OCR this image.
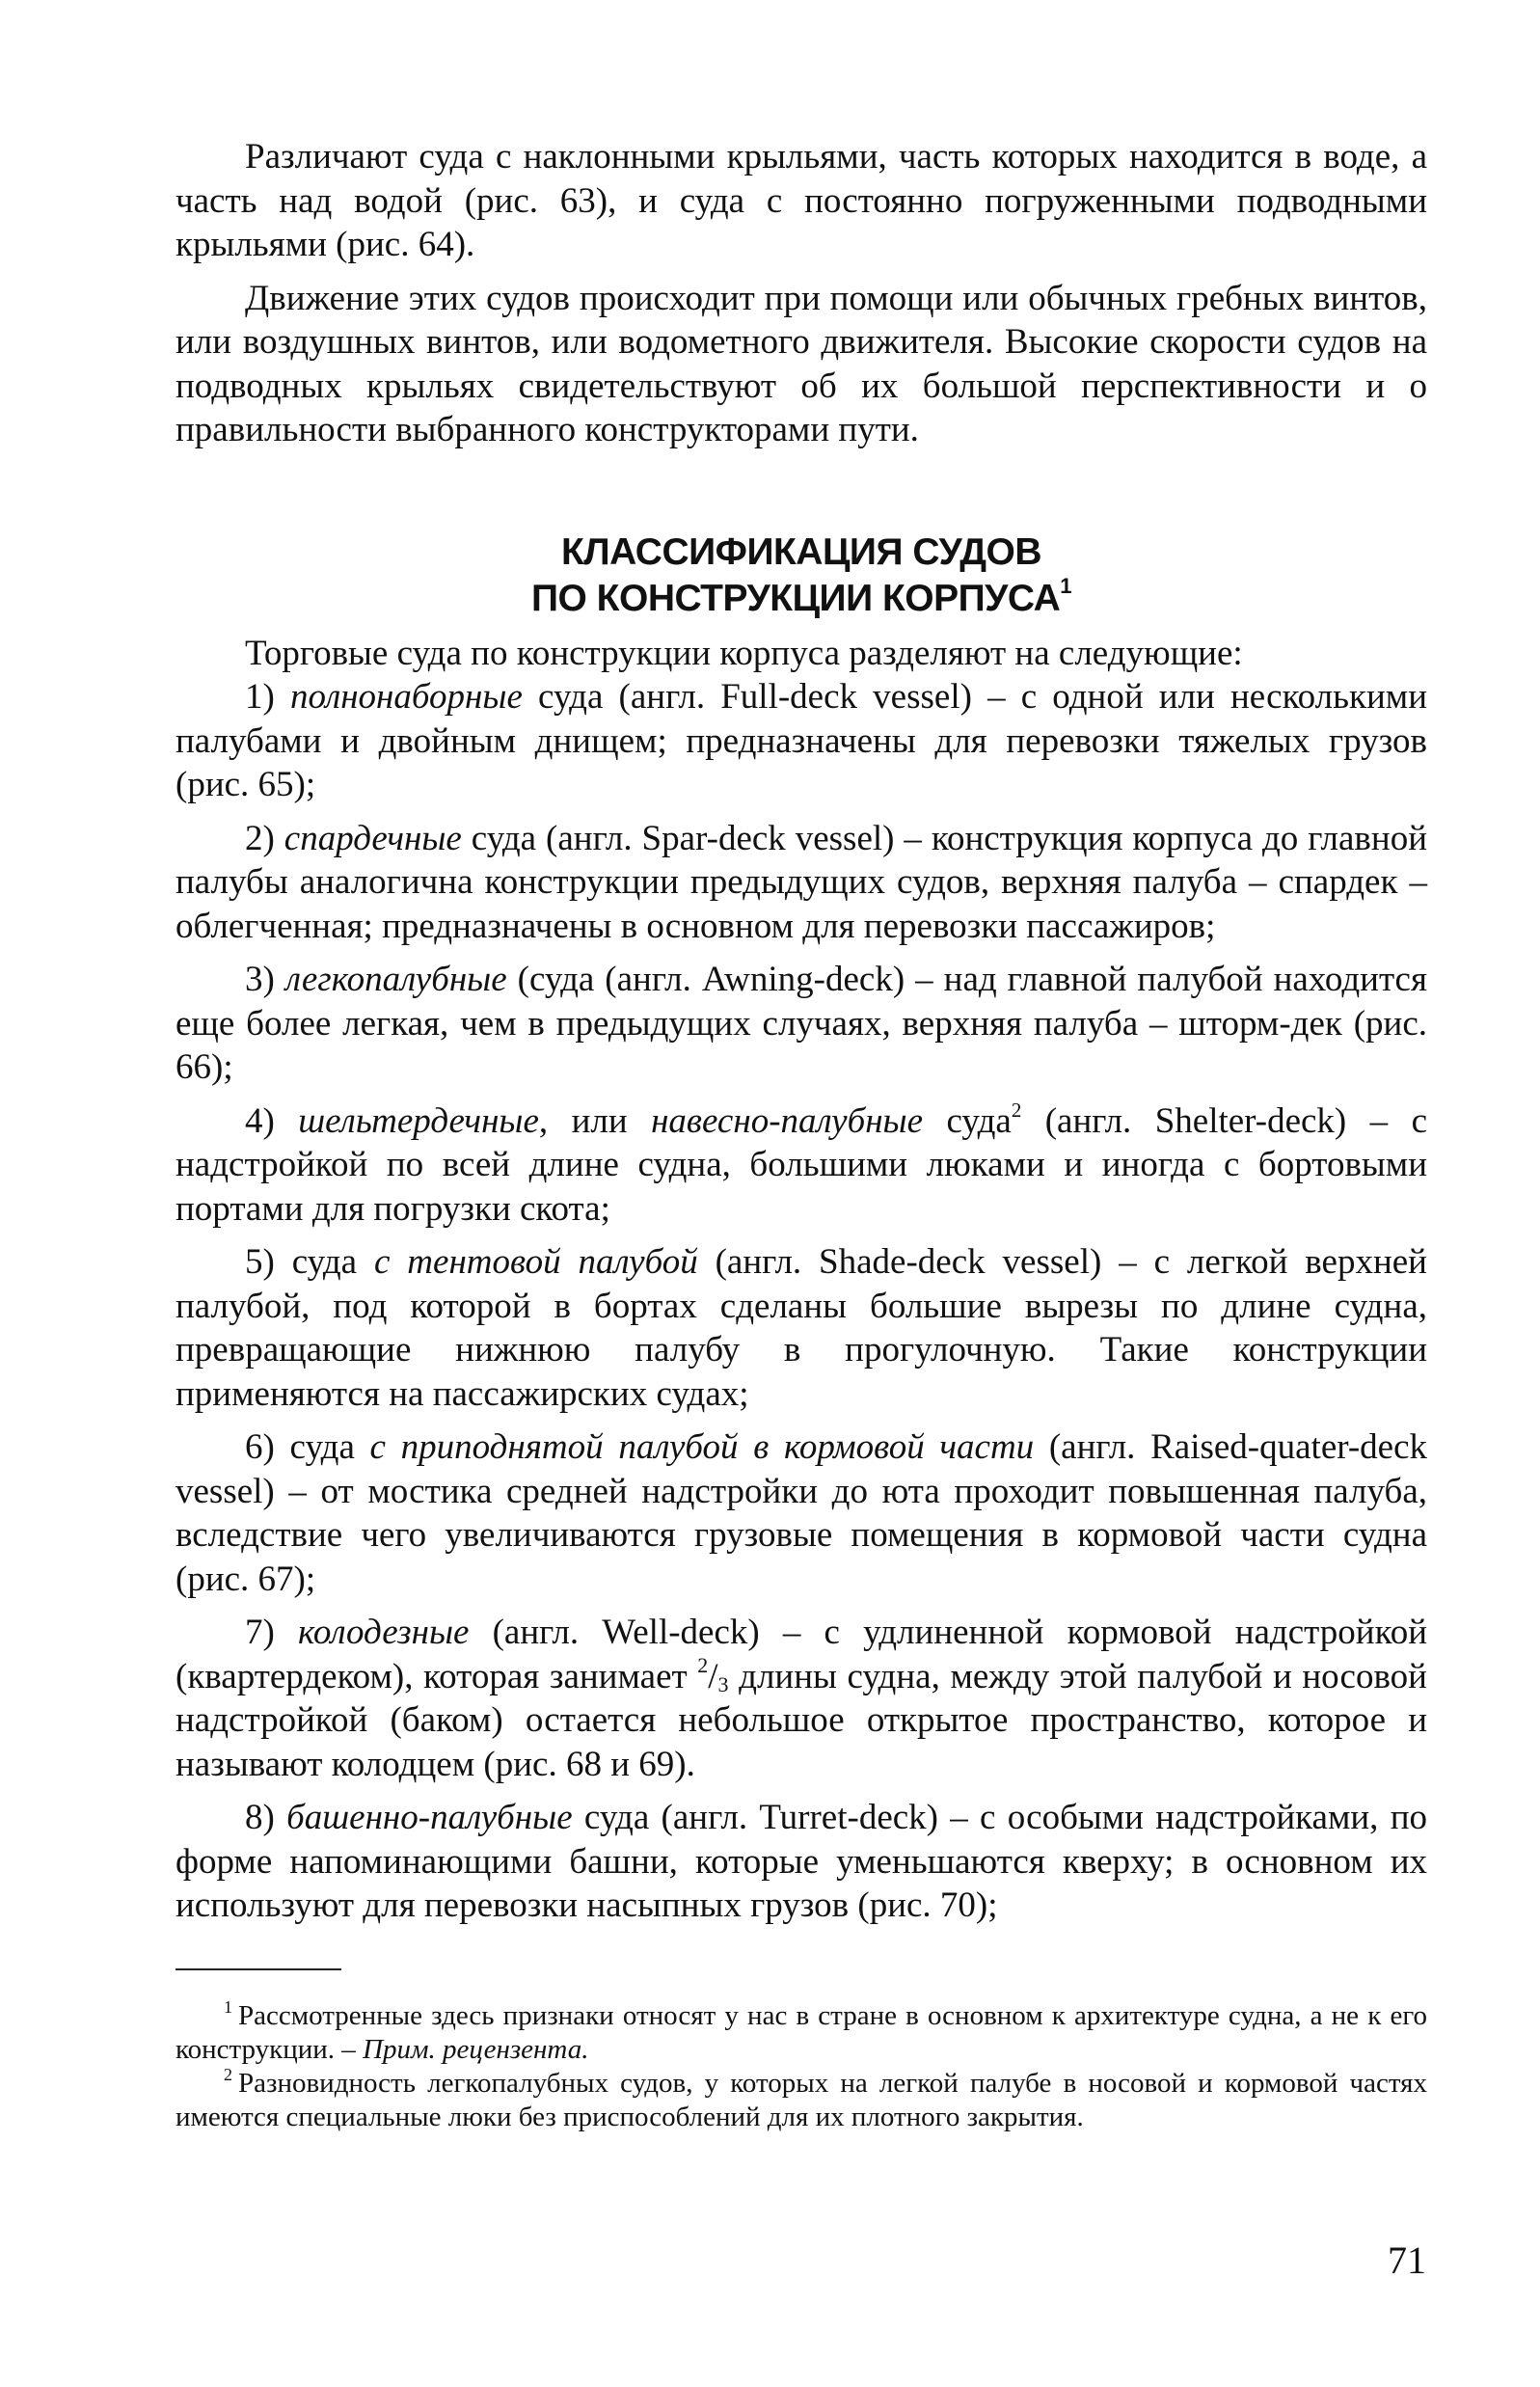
Различают суда с наклонными крыльями, часть которых находится в воде, а часть над водой (рис. 63), и суда с постоянно погруженными подводными крыльями (рис. 64).

Движение этих судов происходит при помощи или обычных гребных винтов, или воздушных винтов, или водометного движителя. Высокие скорости судов на подводных крыльях свидетельствуют об их большой перспективности и о правильности выбранного конструкторами пути.

КЛАССИФИКАЦИЯ СУДОВ
ПО КОНСТРУКЦИИ КОРПУСА$^1$

Торговые суда по конструкции корпуса разделяют на следующие:

1) полнонаборные суда (англ. Full-deck vessel) – с одной или несколькими палубами и двойным днищем; предназначены для перевозки тяжелых грузов (рис. 65);

2) спардечные суда (англ. Spar-deck vessel) – конструкция корпуса до главной палубы аналогична конструкции предыдущих судов, верхняя палуба – спардек – облегченная; предназначены в основном для перевозки пассажиров;

3) легкопалубные (суда (англ. Awning-deck) – над главной палубой находится еще более легкая, чем в предыдущих случаях, верхняя палуба – шторм-дек (рис. 66);

4) шельтердечные, или навесно-палубные суда$^2$ (англ. Shelter-deck) – с надстройкой по всей длине судна, большими люками и иногда с бортовыми портами для погрузки скота;

5) суда с тентовой палубой (англ. Shade-deck vessel) – с легкой верхней палубой, под которой в бортах сделаны большие вырезы по длине судна, превращающие нижнюю палубу в прогулочную. Такие конструкции применяются на пассажирских судах;

6) суда с приподнятой палубой в кормовой части (англ. Raised-quater-deck vessel) – от мостика средней надстройки до юта проходит повышенная палуба, вследствие чего увеличиваются грузовые помещения в кормовой части судна (рис. 67);

7) колодезные (англ. Well-deck) – с удлиненной кормовой надстройкой (квартердеком), которая занимает $^2/_3$ длины судна, между этой палубой и носовой надстройкой (баком) остается небольшое открытое пространство, которое и называют колодцем (рис. 68 и 69).

8) башенно-палубные суда (англ. Turret-deck) – с особыми надстройками, по форме напоминающими башни, которые уменьшаются кверху; в основном их используют для перевозки насыпных грузов (рис. 70);

$^1$ Рассмотренные здесь признаки относят у нас в стране в основном к архитектуре судна, а не к его конструкции. – Прим. рецензента.

$^2$ Разновидность легкопалубных судов, у которых на легкой палубе в носовой и кормовой частях имеются специальные люки без приспособлений для их плотного закрытия.

71
